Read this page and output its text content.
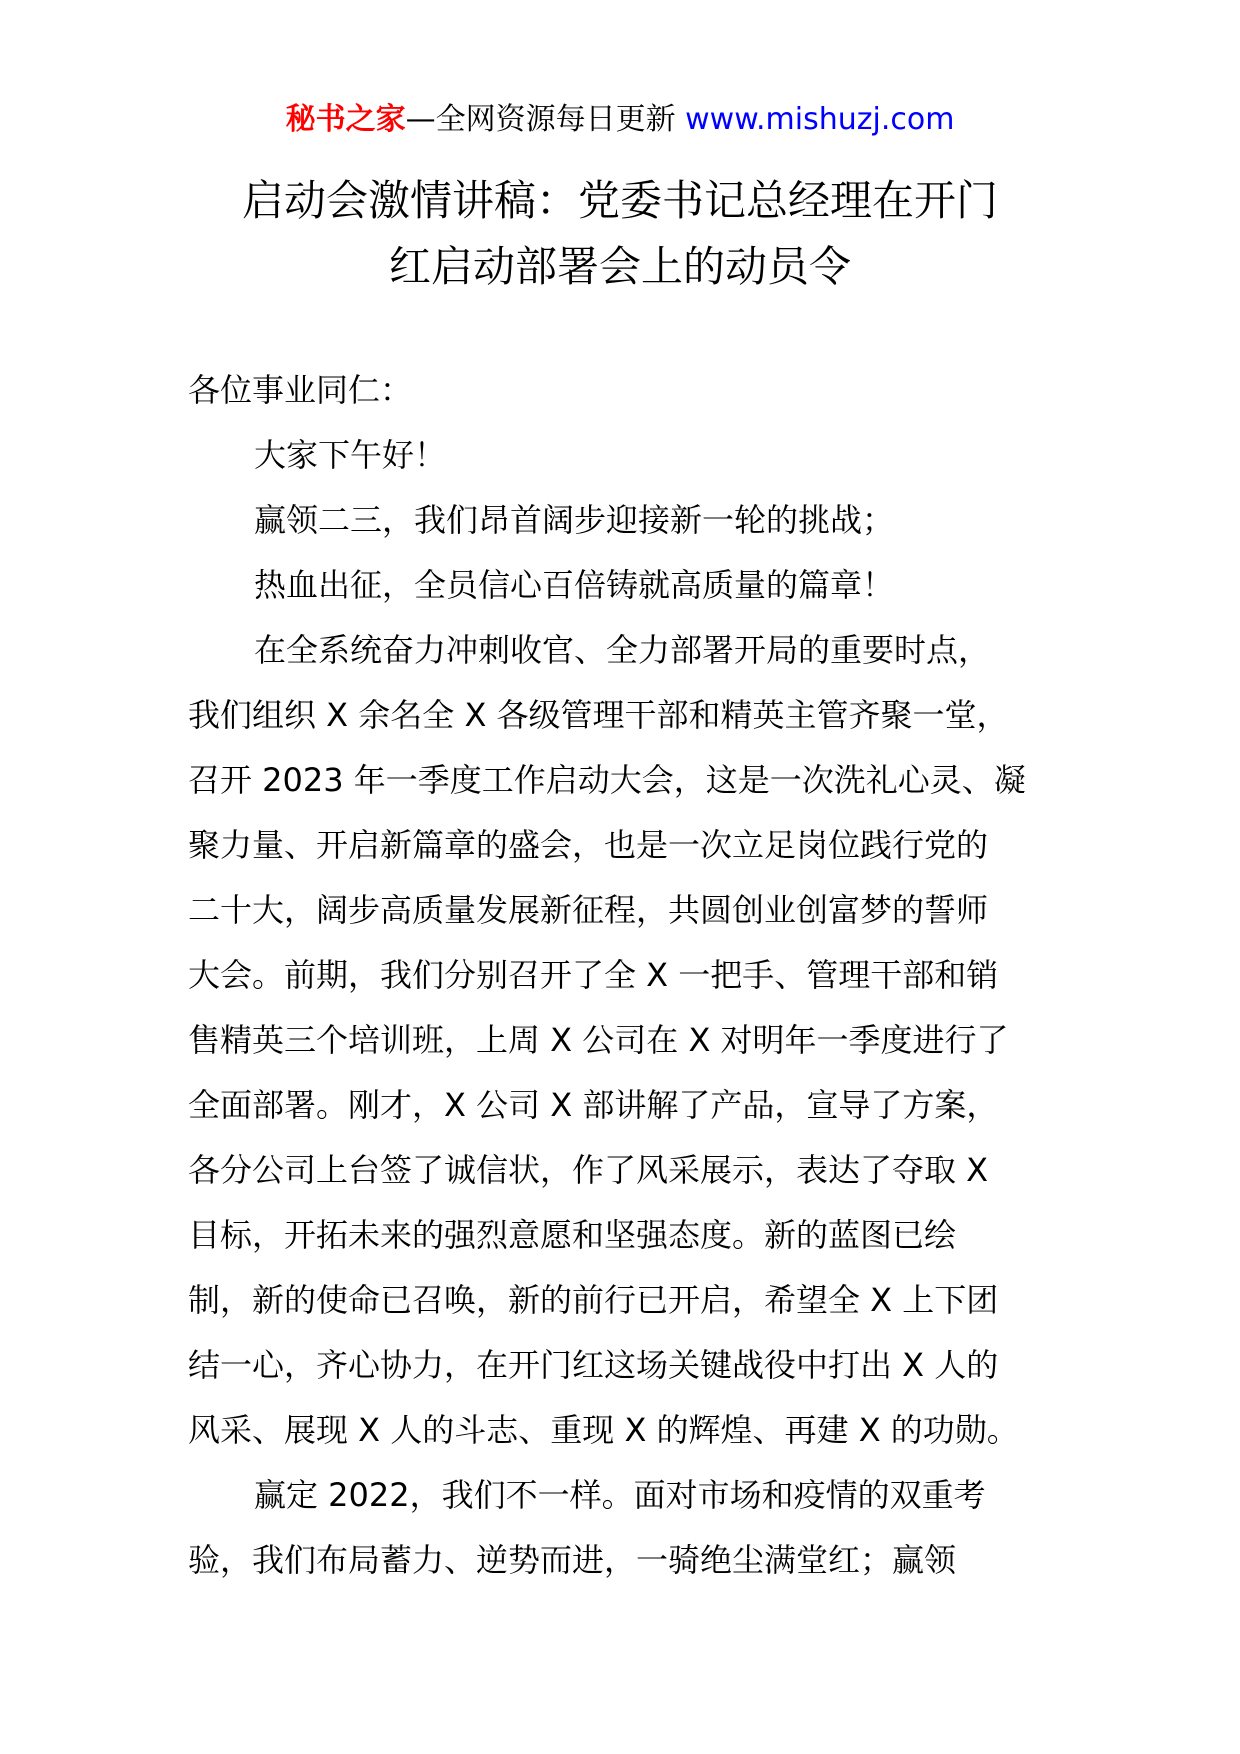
秘书之家—全网资源每日更新 www.mishuzj.com
启动会激情讲稿：党委书记总经理在开门
红启动部署会上的动员令

各位事业同仁：

大家下午好！

赢领二三，我们昂首阔步迎接新一轮的挑战；

热血出征，全员信心百倍铸就高质量的篇章！

在全系统奋力冲刺收官、全力部署开局的重要时点，
我们组织 X 余名全 X 各级管理干部和精英主管齐聚一堂，
召开 2023 年一季度工作启动大会，这是一次洗礼心灵、凝
聚力量、开启新篇章的盛会，也是一次立足岗位践行党的
二十大，阔步高质量发展新征程，共圆创业创富梦的誓师
大会。前期，我们分别召开了全 X 一把手、管理干部和销
售精英三个培训班，上周 X 公司在 X 对明年一季度进行了
全面部署。刚才，X 公司 X 部讲解了产品，宣导了方案，
各分公司上台签了诚信状，作了风采展示，表达了夺取 X
目标，开拓未来的强烈意愿和坚强态度。新的蓝图已绘
制，新的使命已召唤，新的前行已开启，希望全 X 上下团
结一心，齐心协力，在开门红这场关键战役中打出 X 人的
风采、展现 X 人的斗志、重现 X 的辉煌、再建 X 的功勋。

赢定 2022，我们不一样。面对市场和疫情的双重考
验，我们布局蓄力、逆势而进，一骑绝尘满堂红；赢领
